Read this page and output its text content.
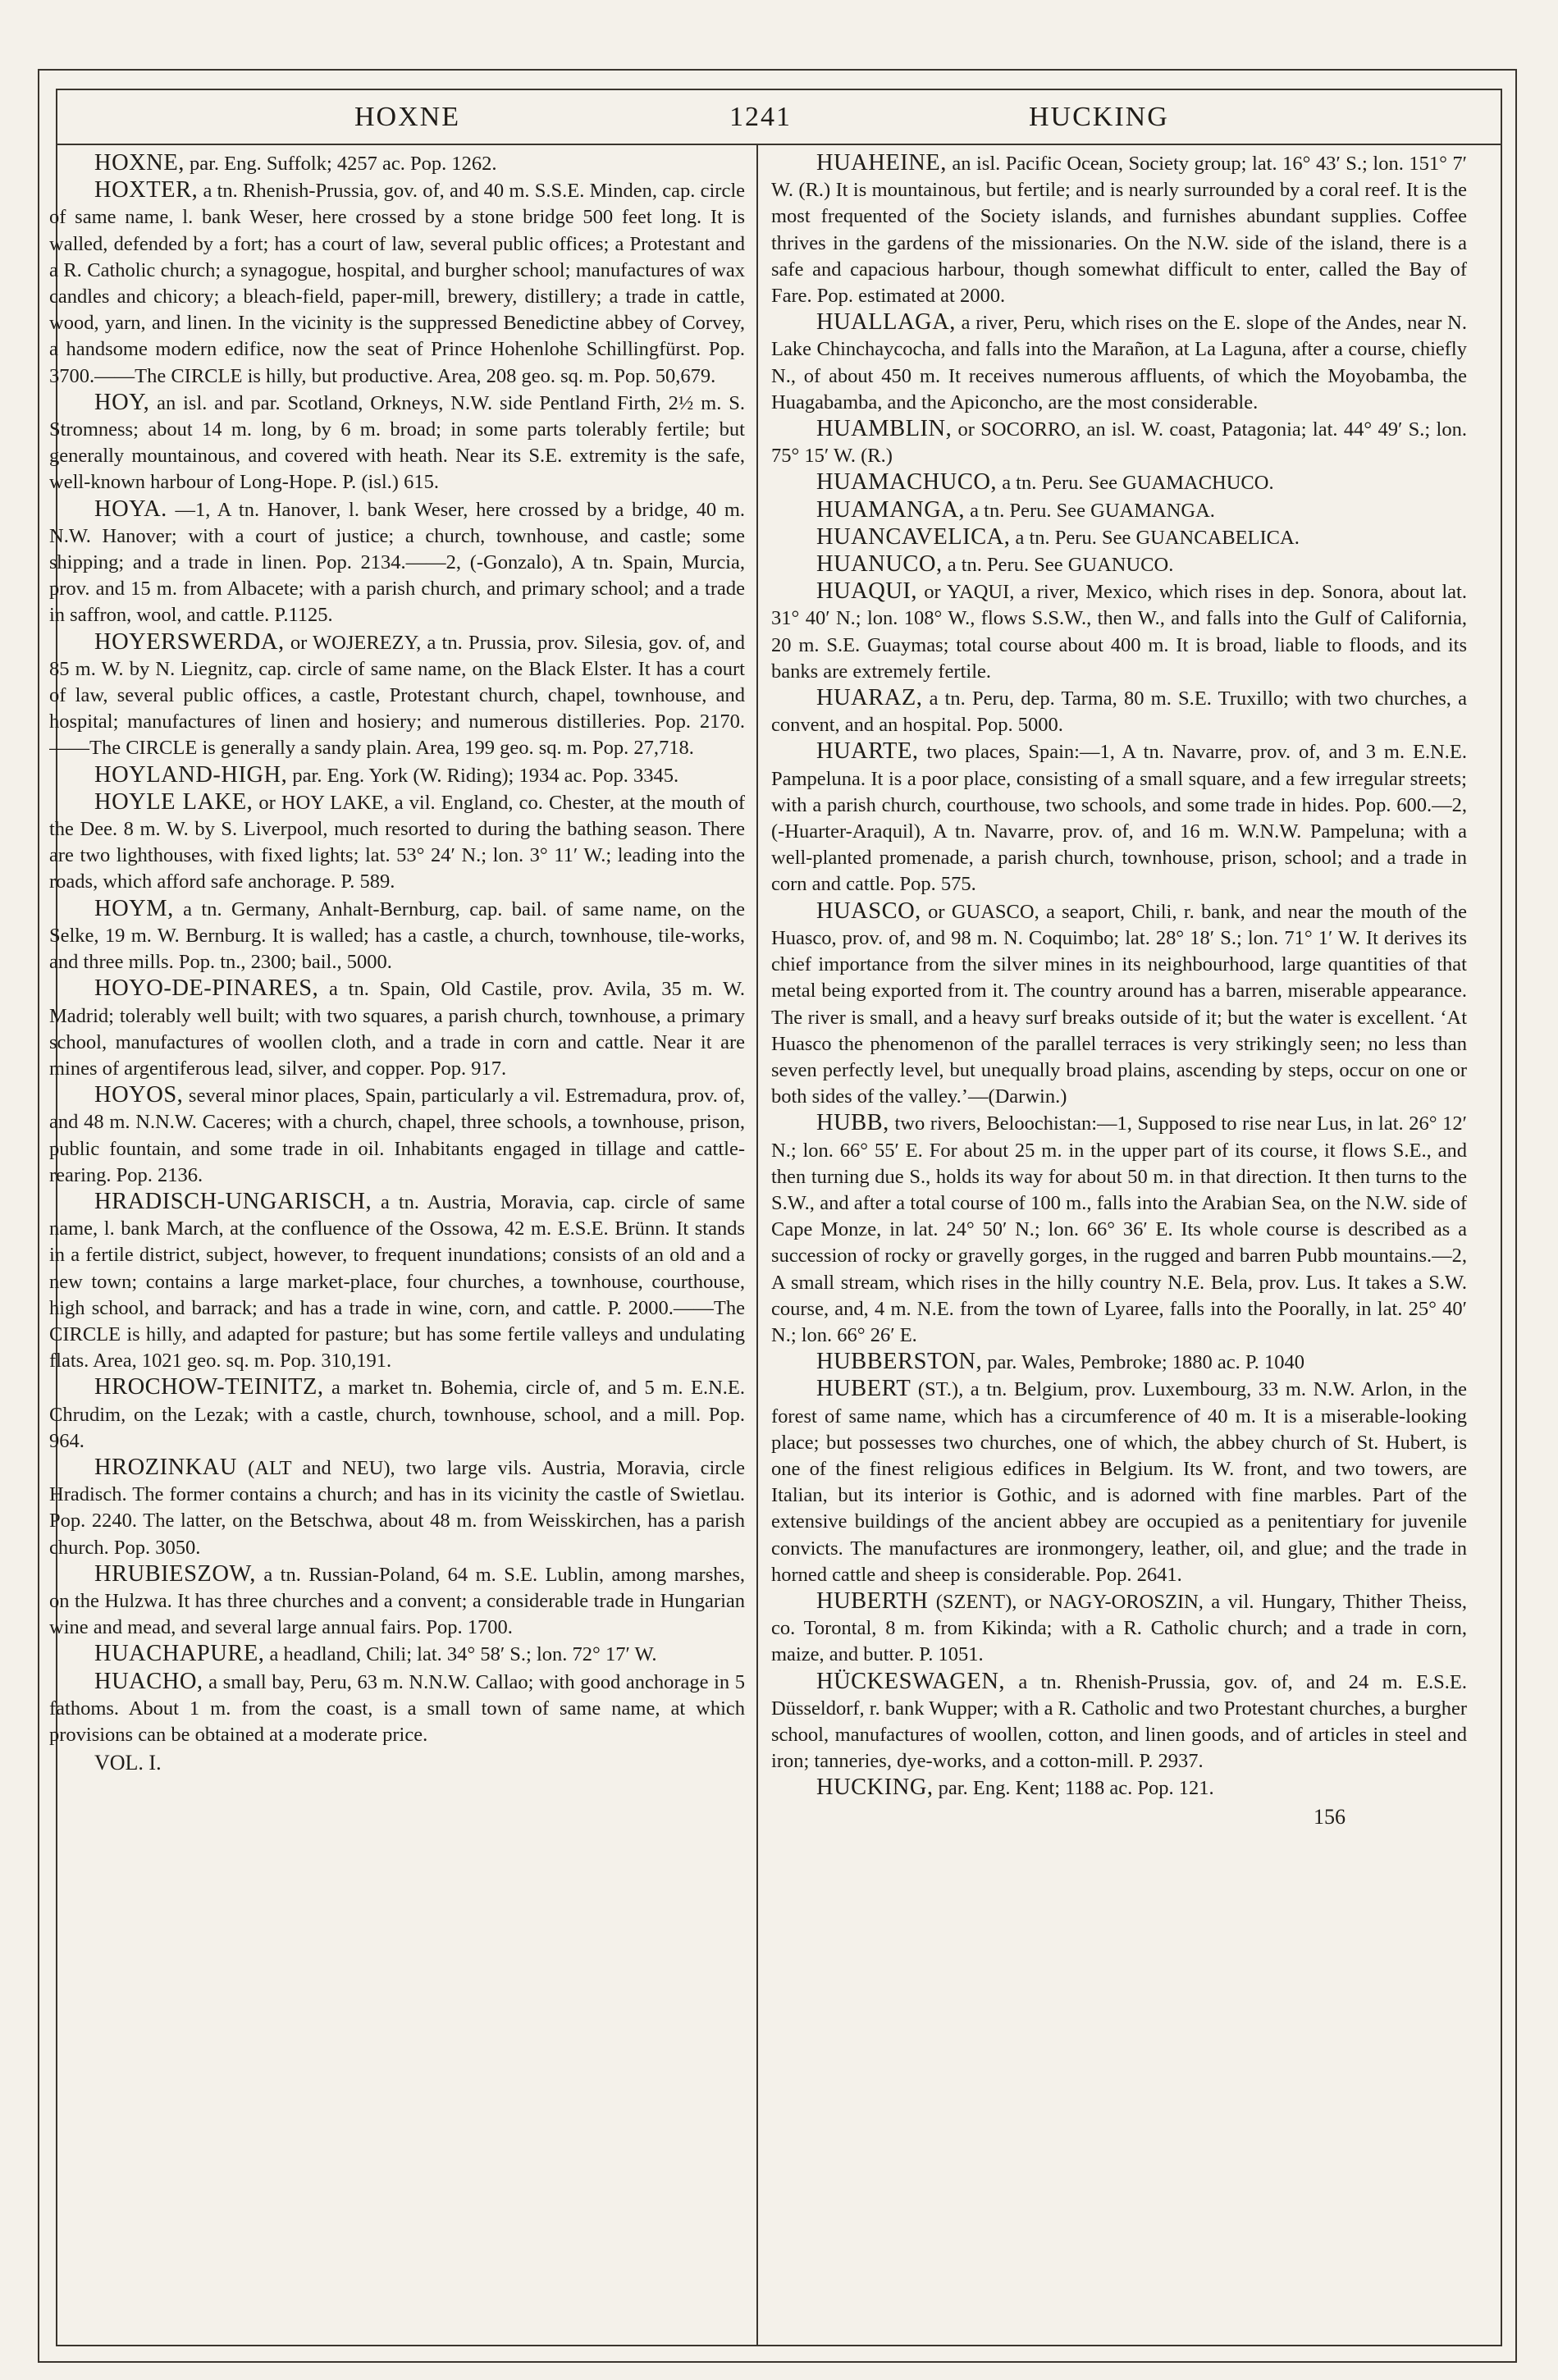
HOXNE	1241	HUCKING

HOXNE, par. Eng. Suffolk; 4257 ac. Pop. 1262.

HOXTER, a tn. Rhenish-Prussia, gov. of, and 40 m. S.S.E. Minden, cap. circle of same name, l. bank Weser, here crossed by a stone bridge 500 feet long. It is walled, defended by a fort; has a court of law, several public offices; a Protestant and a R. Catholic church; a synagogue, hospital, and burgher school; manufactures of wax candles and chicory; a bleach-field, paper-mill, brewery, distillery; a trade in cattle, wood, yarn, and linen. In the vicinity is the suppressed Benedictine abbey of Corvey, a handsome modern edifice, now the seat of Prince Hohenlohe Schillingfürst. Pop. 3700.——The CIRCLE is hilly, but productive. Area, 208 geo. sq. m. Pop. 50,679.

HOY, an isl. and par. Scotland, Orkneys, N.W. side Pentland Firth, 2½ m. S. Stromness; about 14 m. long, by 6 m. broad; in some parts tolerably fertile; but generally mountainous, and covered with heath. Near its S.E. extremity is the safe, well-known harbour of Long-Hope. P. (isl.) 615.

HOYA. —1, A tn. Hanover, l. bank Weser, here crossed by a bridge, 40 m. N.W. Hanover; with a court of justice; a church, townhouse, and castle; some shipping; and a trade in linen. Pop. 2134.——2, (-Gonzalo), A tn. Spain, Murcia, prov. and 15 m. from Albacete; with a parish church, and primary school; and a trade in saffron, wool, and cattle. P.1125.

HOYERSWERDA, or WOJEREZY, a tn. Prussia, prov. Silesia, gov. of, and 85 m. W. by N. Liegnitz, cap. circle of same name, on the Black Elster. It has a court of law, several public offices, a castle, Protestant church, chapel, townhouse, and hospital; manufactures of linen and hosiery; and numerous distilleries. Pop. 2170.——The CIRCLE is generally a sandy plain. Area, 199 geo. sq. m. Pop. 27,718.

HOYLAND-HIGH, par. Eng. York (W. Riding); 1934 ac. Pop. 3345.

HOYLE LAKE, or HOY LAKE, a vil. England, co. Chester, at the mouth of the Dee. 8 m. W. by S. Liverpool, much resorted to during the bathing season. There are two lighthouses, with fixed lights; lat. 53° 24′ N.; lon. 3° 11′ W.; leading into the roads, which afford safe anchorage. P. 589.

HOYM, a tn. Germany, Anhalt-Bernburg, cap. bail. of same name, on the Selke, 19 m. W. Bernburg. It is walled; has a castle, a church, townhouse, tile-works, and three mills. Pop. tn., 2300; bail., 5000.

HOYO-DE-PINARES, a tn. Spain, Old Castile, prov. Avila, 35 m. W. Madrid; tolerably well built; with two squares, a parish church, townhouse, a primary school, manufactures of woollen cloth, and a trade in corn and cattle. Near it are mines of argentiferous lead, silver, and copper. Pop. 917.

HOYOS, several minor places, Spain, particularly a vil. Estremadura, prov. of, and 48 m. N.N.W. Caceres; with a church, chapel, three schools, a townhouse, prison, public fountain, and some trade in oil. Inhabitants engaged in tillage and cattle-rearing. Pop. 2136.

HRADISCH-UNGARISCH, a tn. Austria, Moravia, cap. circle of same name, l. bank March, at the confluence of the Ossowa, 42 m. E.S.E. Brünn. It stands in a fertile district, subject, however, to frequent inundations; consists of an old and a new town; contains a large market-place, four churches, a townhouse, courthouse, high school, and barrack; and has a trade in wine, corn, and cattle. P. 2000.——The CIRCLE is hilly, and adapted for pasture; but has some fertile valleys and undulating flats. Area, 1021 geo. sq. m. Pop. 310,191.

HROCHOW-TEINITZ, a market tn. Bohemia, circle of, and 5 m. E.N.E. Chrudim, on the Lezak; with a castle, church, townhouse, school, and a mill. Pop. 964.

HROZINKAU (ALT and NEU), two large vils. Austria, Moravia, circle Hradisch. The former contains a church; and has in its vicinity the castle of Swietlau. Pop. 2240. The latter, on the Betschwa, about 48 m. from Weisskirchen, has a parish church. Pop. 3050.

HRUBIESZOW, a tn. Russian-Poland, 64 m. S.E. Lublin, among marshes, on the Hulzwa. It has three churches and a convent; a considerable trade in Hungarian wine and mead, and several large annual fairs. Pop. 1700.

HUACHAPURE, a headland, Chili; lat. 34° 58′ S.; lon. 72° 17′ W.

HUACHO, a small bay, Peru, 63 m. N.N.W. Callao; with good anchorage in 5 fathoms. About 1 m. from the coast, is a small town of same name, at which provisions can be obtained at a moderate price.

VOL. I.

HUAHEINE, an isl. Pacific Ocean, Society group; lat. 16° 43′ S.; lon. 151° 7′ W. (R.) It is mountainous, but fertile; and is nearly surrounded by a coral reef. It is the most frequented of the Society islands, and furnishes abundant supplies. Coffee thrives in the gardens of the missionaries. On the N.W. side of the island, there is a safe and capacious harbour, though somewhat difficult to enter, called the Bay of Fare. Pop. estimated at 2000.

HUALLAGA, a river, Peru, which rises on the E. slope of the Andes, near N. Lake Chinchaycocha, and falls into the Marañon, at La Laguna, after a course, chiefly N., of about 450 m. It receives numerous affluents, of which the Moyobamba, the Huagabamba, and the Apiconcho, are the most considerable.

HUAMBLIN, or SOCORRO, an isl. W. coast, Patagonia; lat. 44° 49′ S.; lon. 75° 15′ W. (R.)

HUAMACHUCO, a tn. Peru. See GUAMACHUCO.

HUAMANGA, a tn. Peru. See GUAMANGA.

HUANCAVELICA, a tn. Peru. See GUANCABELICA.

HUANUCO, a tn. Peru. See GUANUCO.

HUAQUI, or YAQUI, a river, Mexico, which rises in dep. Sonora, about lat. 31° 40′ N.; lon. 108° W., flows S.S.W., then W., and falls into the Gulf of California, 20 m. S.E. Guaymas; total course about 400 m. It is broad, liable to floods, and its banks are extremely fertile.

HUARAZ, a tn. Peru, dep. Tarma, 80 m. S.E. Truxillo; with two churches, a convent, and an hospital. Pop. 5000.

HUARTE, two places, Spain:—1, A tn. Navarre, prov. of, and 3 m. E.N.E. Pampeluna. It is a poor place, consisting of a small square, and a few irregular streets; with a parish church, courthouse, two schools, and some trade in hides. Pop. 600.—2, (-Huarter-Araquil), A tn. Navarre, prov. of, and 16 m. W.N.W. Pampeluna; with a well-planted promenade, a parish church, townhouse, prison, school; and a trade in corn and cattle. Pop. 575.

HUASCO, or GUASCO, a seaport, Chili, r. bank, and near the mouth of the Huasco, prov. of, and 98 m. N. Coquimbo; lat. 28° 18′ S.; lon. 71° 1′ W. It derives its chief importance from the silver mines in its neighbourhood, large quantities of that metal being exported from it. The country around has a barren, miserable appearance. The river is small, and a heavy surf breaks outside of it; but the water is excellent. ‘At Huasco the phenomenon of the parallel terraces is very strikingly seen; no less than seven perfectly level, but unequally broad plains, ascending by steps, occur on one or both sides of the valley.’—(Darwin.)

HUBB, two rivers, Beloochistan:—1, Supposed to rise near Lus, in lat. 26° 12′ N.; lon. 66° 55′ E. For about 25 m. in the upper part of its course, it flows S.E., and then turning due S., holds its way for about 50 m. in that direction. It then turns to the S.W., and after a total course of 100 m., falls into the Arabian Sea, on the N.W. side of Cape Monze, in lat. 24° 50′ N.; lon. 66° 36′ E. Its whole course is described as a succession of rocky or gravelly gorges, in the rugged and barren Pubb mountains.—2, A small stream, which rises in the hilly country N.E. Bela, prov. Lus. It takes a S.W. course, and, 4 m. N.E. from the town of Lyaree, falls into the Poorally, in lat. 25° 40′ N.; lon. 66° 26′ E.

HUBBERSTON, par. Wales, Pembroke; 1880 ac. P. 1040

HUBERT (ST.), a tn. Belgium, prov. Luxembourg, 33 m. N.W. Arlon, in the forest of same name, which has a circumference of 40 m. It is a miserable-looking place; but possesses two churches, one of which, the abbey church of St. Hubert, is one of the finest religious edifices in Belgium. Its W. front, and two towers, are Italian, but its interior is Gothic, and is adorned with fine marbles. Part of the extensive buildings of the ancient abbey are occupied as a penitentiary for juvenile convicts. The manufactures are ironmongery, leather, oil, and glue; and the trade in horned cattle and sheep is considerable. Pop. 2641.

HUBERTH (SZENT), or NAGY-OROSZIN, a vil. Hungary, Thither Theiss, co. Torontal, 8 m. from Kikinda; with a R. Catholic church; and a trade in corn, maize, and butter. P. 1051.

HÜCKESWAGEN, a tn. Rhenish-Prussia, gov. of, and 24 m. E.S.E. Düsseldorf, r. bank Wupper; with a R. Catholic and two Protestant churches, a burgher school, manufactures of woollen, cotton, and linen goods, and of articles in steel and iron; tanneries, dye-works, and a cotton-mill. P. 2937.

HUCKING, par. Eng. Kent; 1188 ac. Pop. 121.

156
